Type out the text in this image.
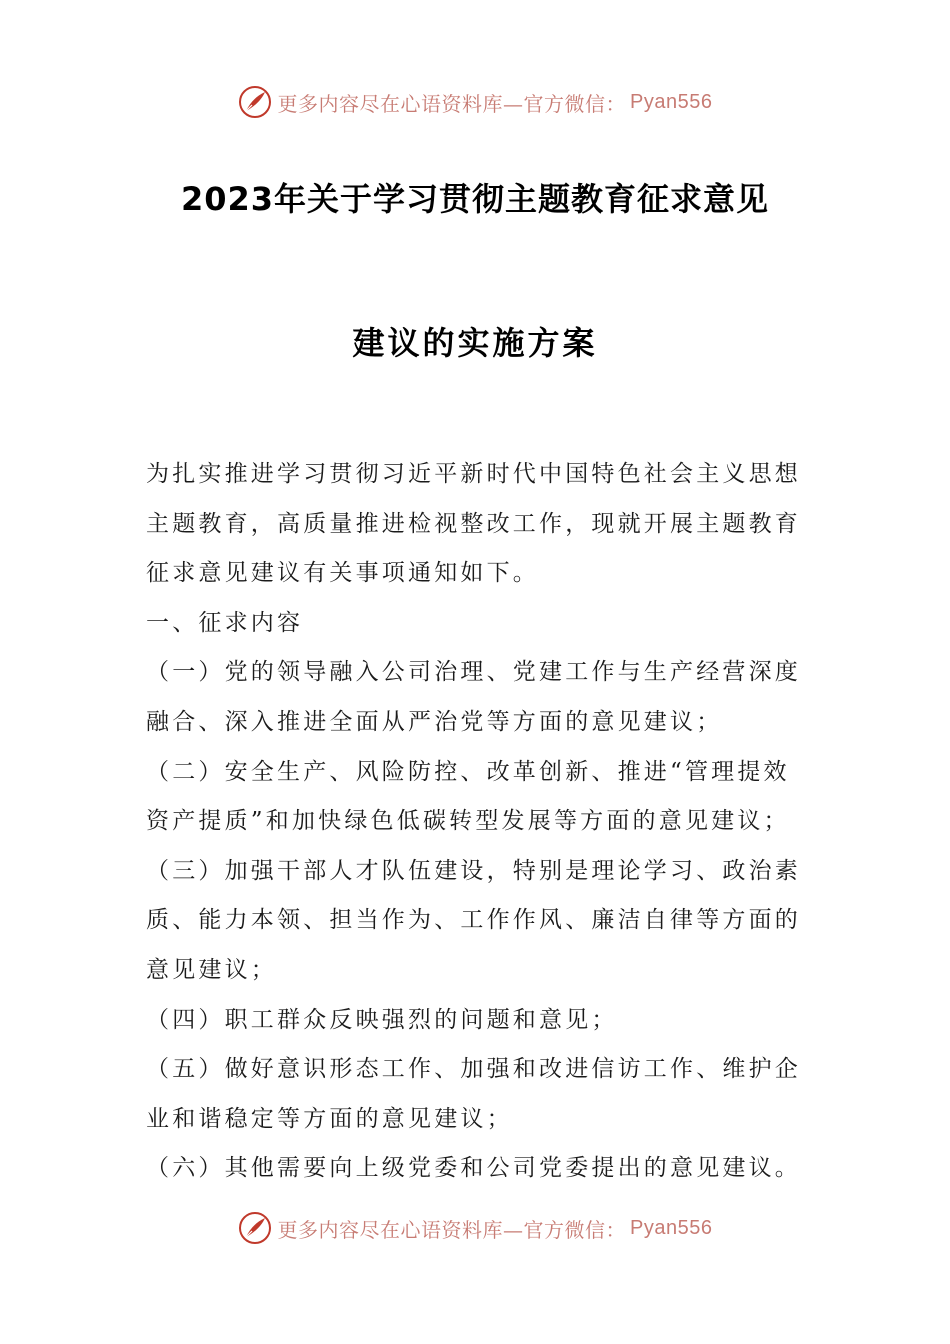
更多内容尽在心语资料库—官方微信： Pyan556
2023年关于学习贯彻主题教育征求意见
建议的实施方案

为扎实推进学习贯彻习近平新时代中国特色社会主义思想主题教育，高质量推进检视整改工作，现就开展主题教育征求意见建议有关事项通知如下。

一、征求内容

（一）党的领导融入公司治理、党建工作与生产经营深度融合、深入推进全面从严治党等方面的意见建议；

（二）安全生产、风险防控、改革创新、推进“管理提效资产提质”和加快绿色低碳转型发展等方面的意见建议；

（三）加强干部人才队伍建设，特别是理论学习、政治素质、能力本领、担当作为、工作作风、廉洁自律等方面的意见建议；

（四）职工群众反映强烈的问题和意见；

（五）做好意识形态工作、加强和改进信访工作、维护企业和谐稳定等方面的意见建议；

（六）其他需要向上级党委和公司党委提出的意见建议。

更多内容尽在心语资料库—官方微信： Pyan556
